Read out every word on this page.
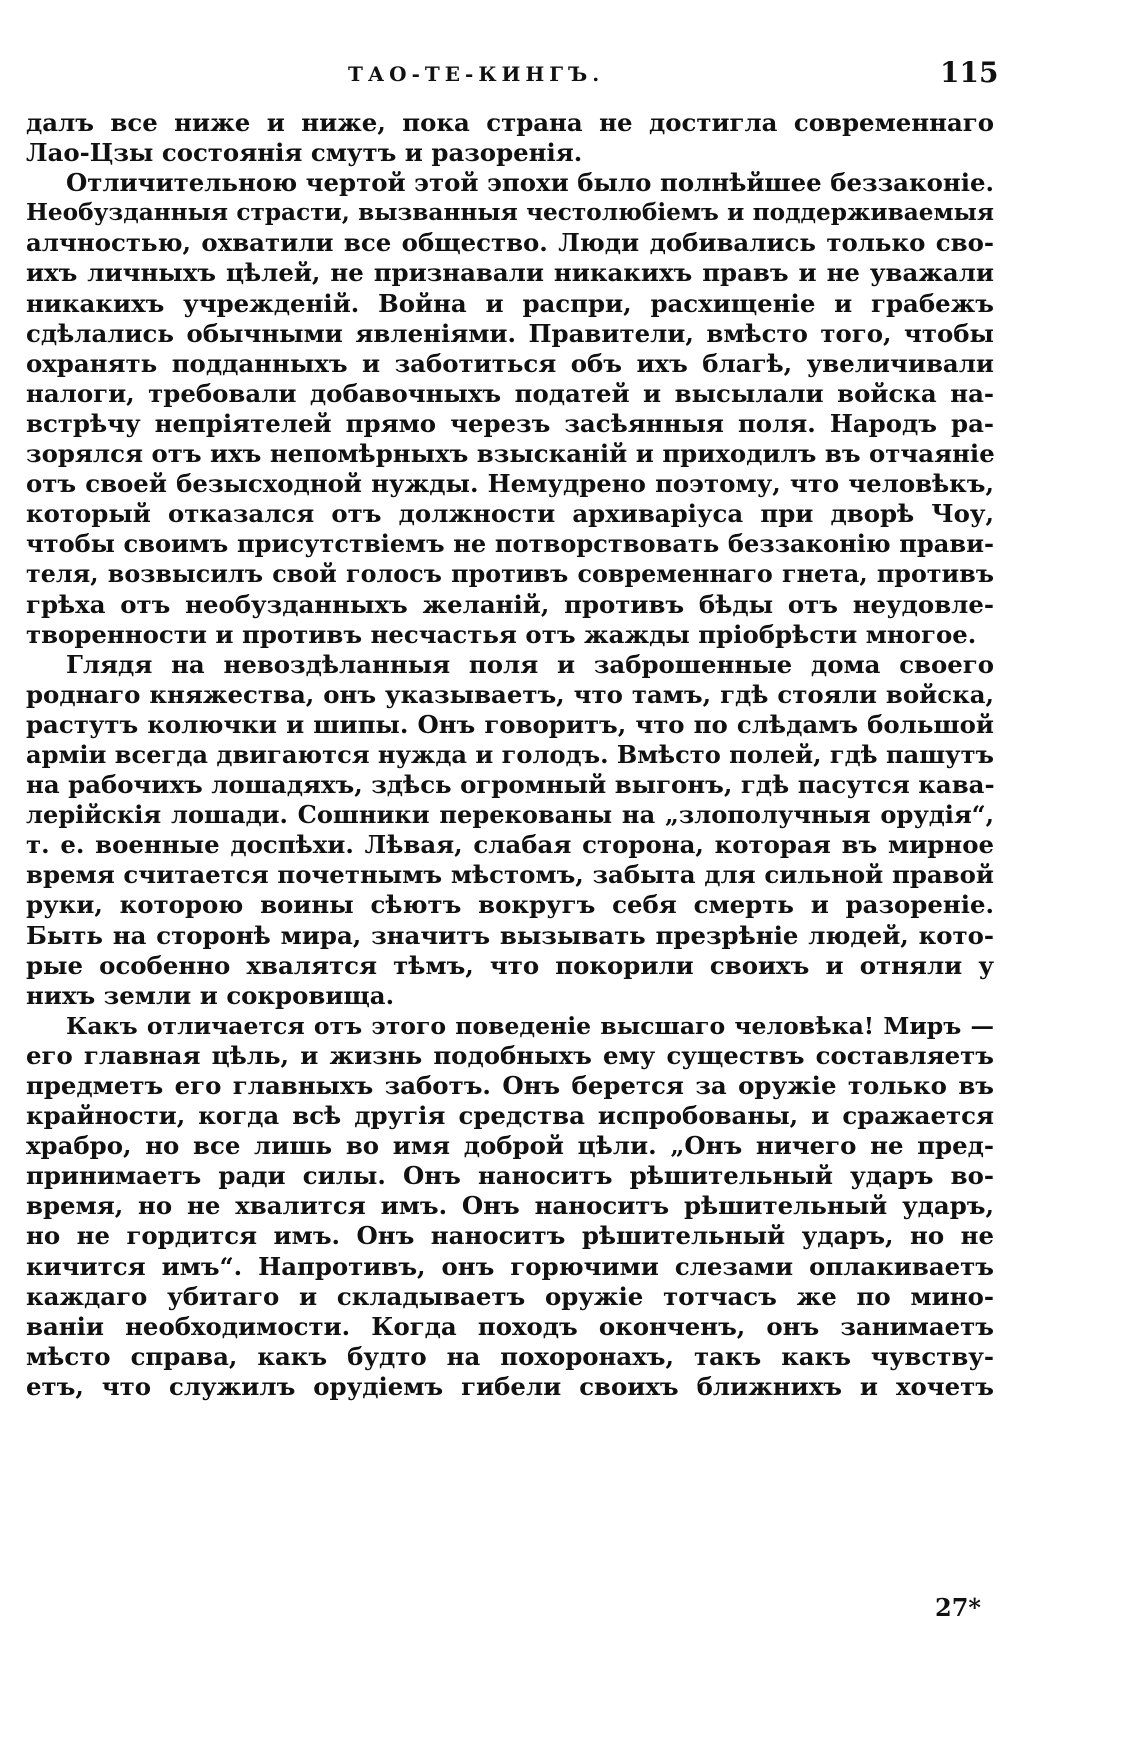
ТАО-ТЕ-КИНГЪ.	115
далъ все ниже и ниже, пока страна не достигла современнаго
Лао-Цзы состоянія смутъ и разоренія.
Отличительною чертой этой эпохи было полнѣйшее беззаконіе.
Необузданныя страсти, вызванныя честолюбіемъ и поддерживаемыя
алчностью, охватили все общество. Люди добивались только сво-
ихъ личныхъ цѣлей, не признавали никакихъ правъ и не уважали
никакихъ учрежденій. Война и распри, расхищеніе и грабежъ
сдѣлались обычными явленіями. Правители, вмѣсто того, чтобы
охранять подданныхъ и заботиться объ ихъ благѣ, увеличивали
налоги, требовали добавочныхъ податей и высылали войска на-
встрѣчу непріятелей прямо черезъ засѣянныя поля. Народъ ра-
зорялся отъ ихъ непомѣрныхъ взысканій и приходилъ въ отчаяніе
отъ своей безысходной нужды. Немудрено поэтому, что человѣкъ,
который отказался отъ должности архиваріуса при дворѣ Чоу,
чтобы своимъ присутствіемъ не потворствовать беззаконію прави-
теля, возвысилъ свой голосъ противъ современнаго гнета, противъ
грѣха отъ необузданныхъ желаній, противъ бѣды отъ неудовле-
творенности и противъ несчастья отъ жажды пріобрѣсти многое.
Глядя на невоздѣланныя поля и заброшенные дома своего
роднаго княжества, онъ указываетъ, что тамъ, гдѣ стояли войска,
растутъ колючки и шипы. Онъ говоритъ, что по слѣдамъ большой
арміи всегда двигаются нужда и голодъ. Вмѣсто полей, гдѣ пашутъ
на рабочихъ лошадяхъ, здѣсь огромный выгонъ, гдѣ пасутся кава-
лерійскія лошади. Сошники перекованы на „злополучныя орудія“,
т. е. военные доспѣхи. Лѣвая, слабая сторона, которая въ мирное
время считается почетнымъ мѣстомъ, забыта для сильной правой
руки, которою воины сѣютъ вокругъ себя смерть и разореніе.
Быть на сторонѣ мира, значитъ вызывать презрѣніе людей, кото-
рые особенно хвалятся тѣмъ, что покорили своихъ и отняли у
нихъ земли и сокровища.
Какъ отличается отъ этого поведеніе высшаго человѣка! Миръ —
его главная цѣль, и жизнь подобныхъ ему существъ составляетъ
предметъ его главныхъ заботъ. Онъ берется за оружіе только въ
крайности, когда всѣ другія средства испробованы, и сражается
храбро, но все лишь во имя доброй цѣли. „Онъ ничего не пред-
принимаетъ ради силы. Онъ наноситъ рѣшительный ударъ во-
время, но не хвалится имъ. Онъ наноситъ рѣшительный ударъ,
но не гордится имъ. Онъ наноситъ рѣшительный ударъ, но не
кичится имъ“. Напротивъ, онъ горючими слезами оплакиваетъ
каждаго убитаго и складываетъ оружіе тотчасъ же по мино-
ваніи необходимости. Когда походъ оконченъ, онъ занимаетъ
мѣсто справа, какъ будто на похоронахъ, такъ какъ чувству-
етъ, что служилъ орудіемъ гибели своихъ ближнихъ и хочетъ
27*
